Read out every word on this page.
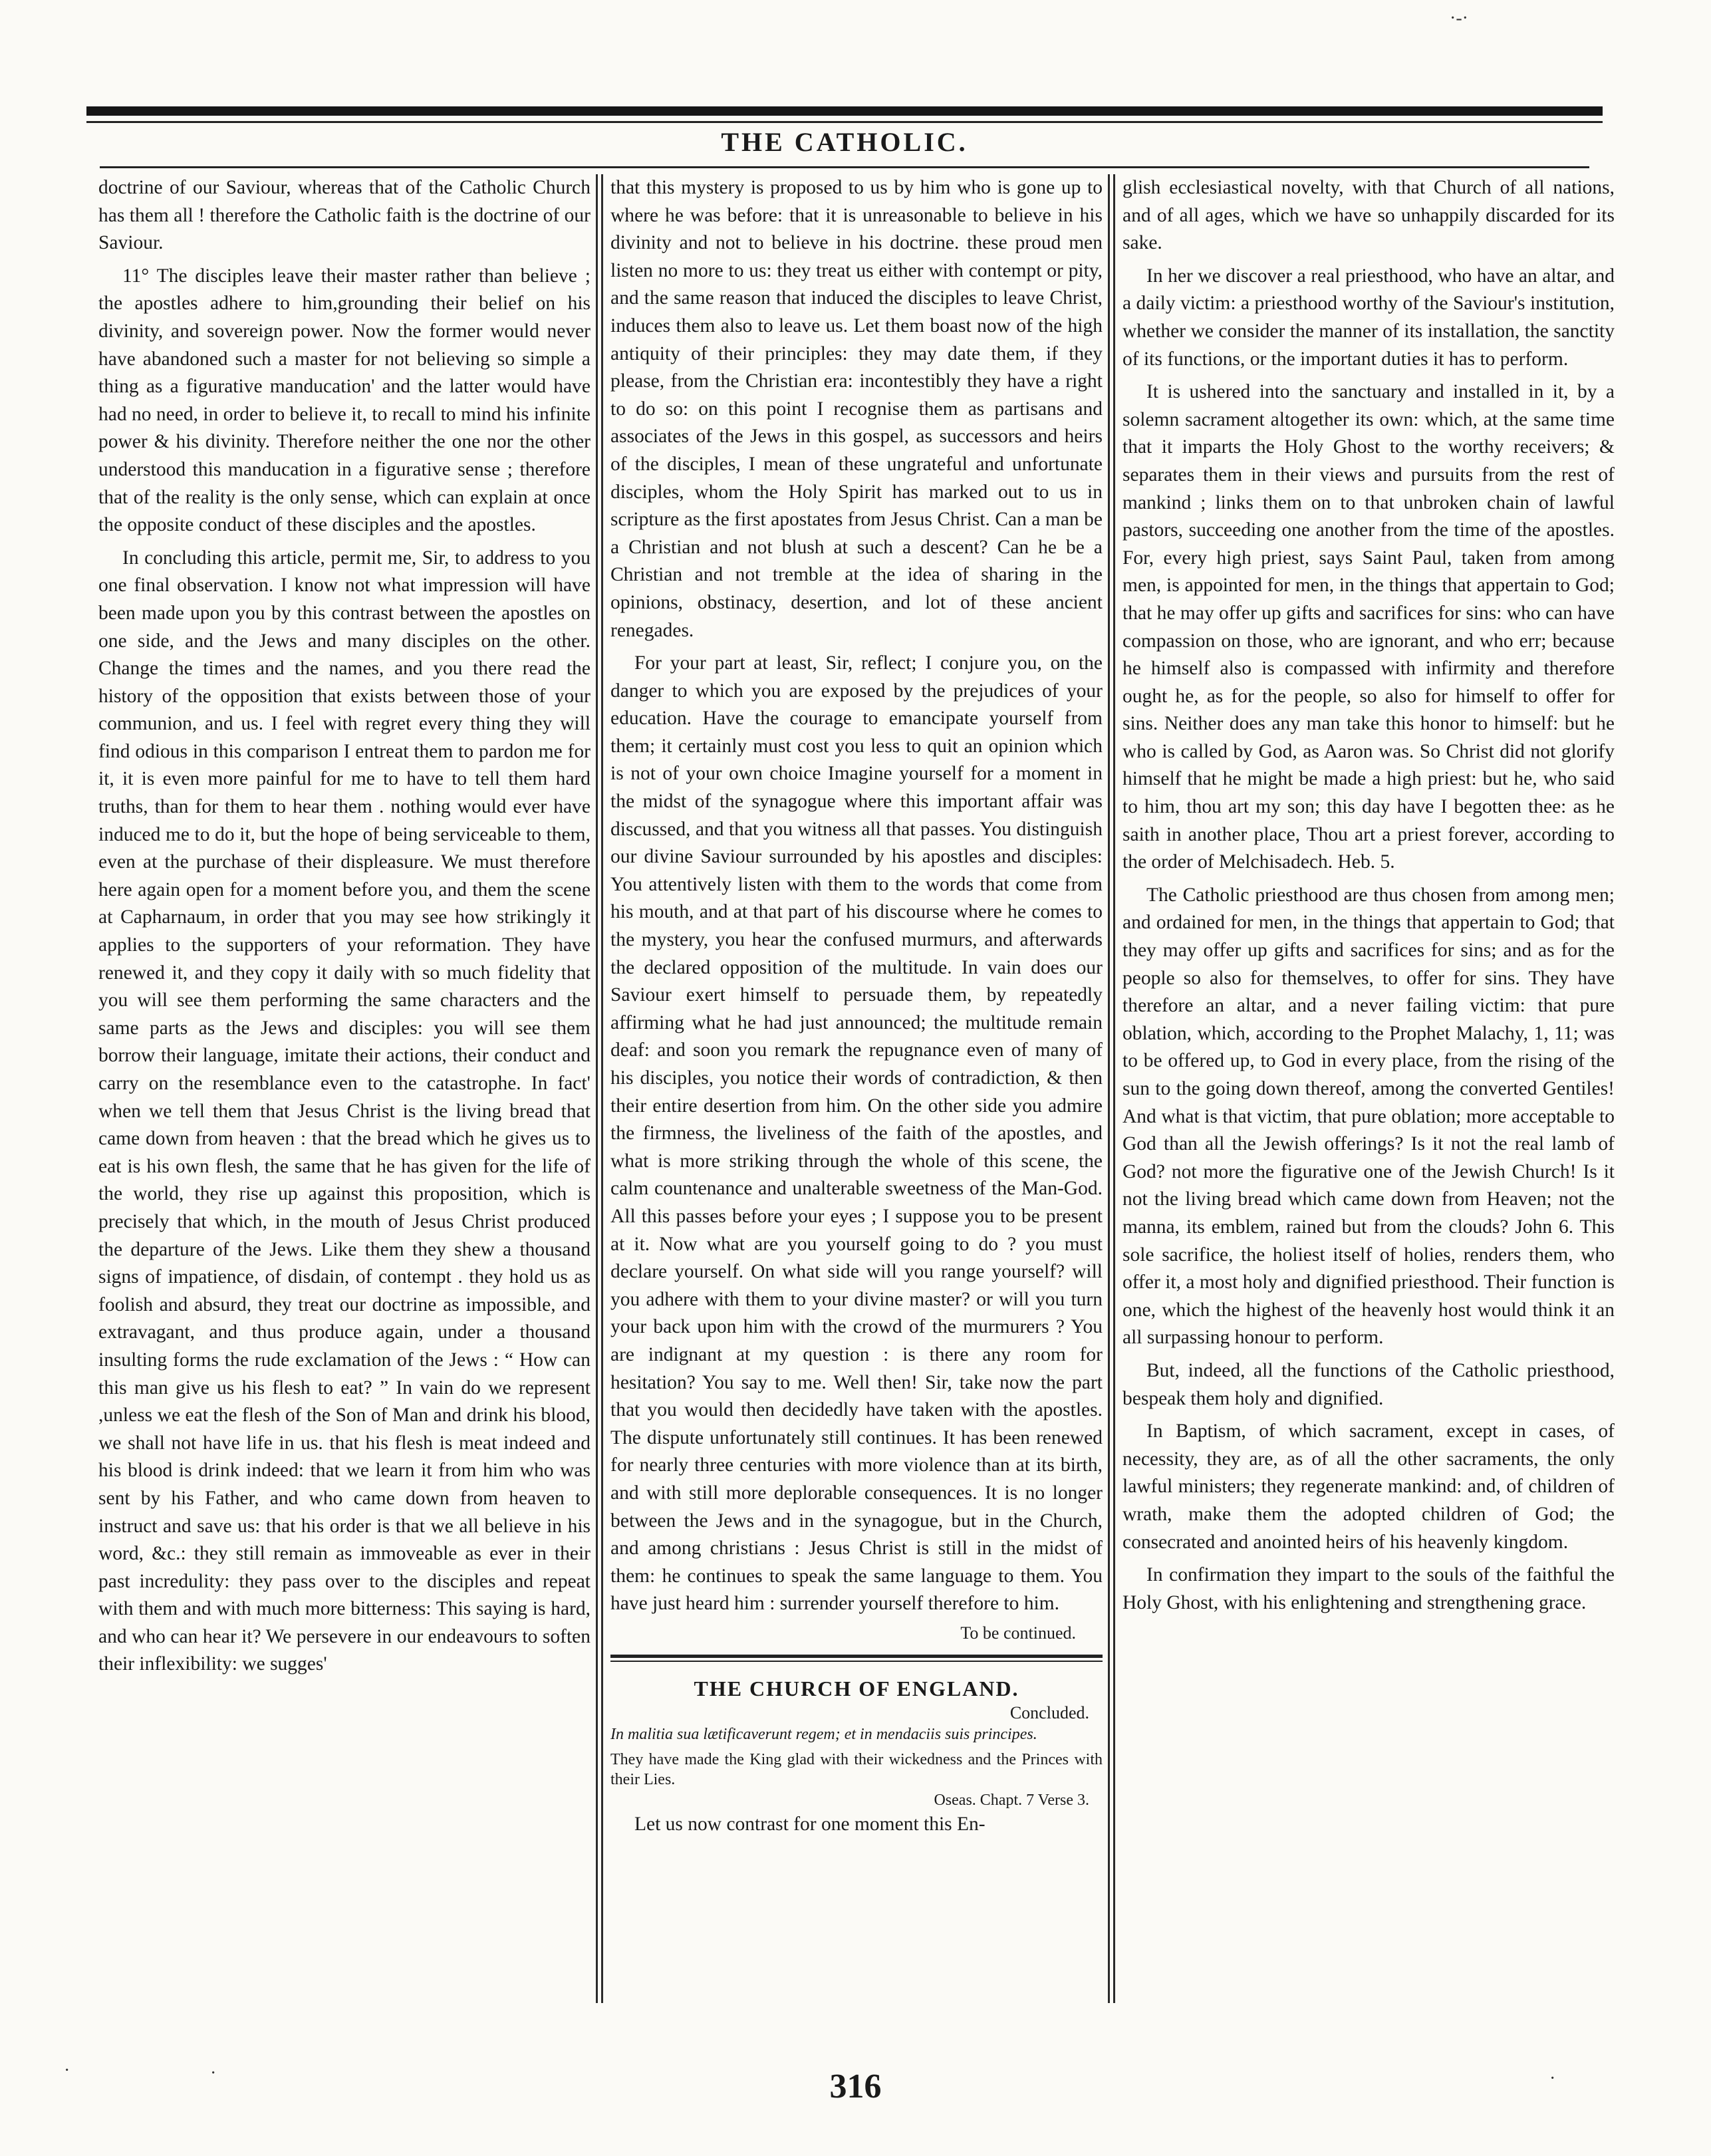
·-·
THE CATHOLIC.

doctrine of our Saviour, whereas that of the Catholic Church has them all ! therefore the Catholic faith is the doctrine of our Saviour.

11° The disciples leave their master rather than believe ; the apostles adhere to him,grounding their belief on his divinity, and sovereign power. Now the former would never have abandoned such a master for not believing so simple a thing as a figurative manducation' and the latter would have had no need, in order to believe it, to recall to mind his infinite power & his divinity. Therefore neither the one nor the other understood this manducation in a figurative sense ; therefore that of the reality is the only sense, which can explain at once the opposite conduct of these disciples and the apostles.

In concluding this article, permit me, Sir, to address to you one final observation. I know not what impression will have been made upon you by this contrast between the apostles on one side, and the Jews and many disciples on the other. Change the times and the names, and you there read the history of the opposition that exists between those of your communion, and us. I feel with regret every thing they will find odious in this comparison I entreat them to pardon me for it, it is even more painful for me to have to tell them hard truths, than for them to hear them . nothing would ever have induced me to do it, but the hope of being serviceable to them, even at the purchase of their displeasure. We must therefore here again open for a moment before you, and them the scene at Capharnaum, in order that you may see how strikingly it applies to the supporters of your reformation. They have renewed it, and they copy it daily with so much fidelity that you will see them performing the same characters and the same parts as the Jews and disciples: you will see them borrow their language, imitate their actions, their conduct and carry on the resemblance even to the catastrophe. In fact' when we tell them that Jesus Christ is the living bread that came down from heaven : that the bread which he gives us to eat is his own flesh, the same that he has given for the life of the world, they rise up against this proposition, which is precisely that which, in the mouth of Jesus Christ produced the departure of the Jews. Like them they shew a thousand signs of impatience, of disdain, of contempt . they hold us as foolish and absurd, they treat our doctrine as impossible, and extravagant, and thus produce again, under a thousand insulting forms the rude exclamation of the Jews : “ How can this man give us his flesh to eat? ” In vain do we represent ,unless we eat the flesh of the Son of Man and drink his blood, we shall not have life in us. that his flesh is meat indeed and his blood is drink indeed: that we learn it from him who was sent by his Father, and who came down from heaven to instruct and save us: that his order is that we all believe in his word, &c.: they still remain as immoveable as ever in their past incredulity: they pass over to the disciples and repeat with them and with much more bitterness: This saying is hard, and who can hear it? We persevere in our endeavours to soften their inflexibility: we sugges'

that this mystery is proposed to us by him who is gone up to where he was before: that it is unreasonable to believe in his divinity and not to believe in his doctrine. these proud men listen no more to us: they treat us either with contempt or pity, and the same reason that induced the disciples to leave Christ, induces them also to leave us. Let them boast now of the high antiquity of their principles: they may date them, if they please, from the Christian era: incontestibly they have a right to do so: on this point I recognise them as partisans and associates of the Jews in this gospel, as successors and heirs of the disciples, I mean of these ungrateful and unfortunate disciples, whom the Holy Spirit has marked out to us in scripture as the first apostates from Jesus Christ. Can a man be a Christian and not blush at such a descent? Can he be a Christian and not tremble at the idea of sharing in the opinions, obstinacy, desertion, and lot of these ancient renegades.

For your part at least, Sir, reflect; I conjure you, on the danger to which you are exposed by the prejudices of your education. Have the courage to emancipate yourself from them; it certainly must cost you less to quit an opinion which is not of your own choice Imagine yourself for a moment in the midst of the synagogue where this important affair was discussed, and that you witness all that passes. You distinguish our divine Saviour surrounded by his apostles and disciples: You attentively listen with them to the words that come from his mouth, and at that part of his discourse where he comes to the mystery, you hear the confused murmurs, and afterwards the declared opposition of the multitude. In vain does our Saviour exert himself to persuade them, by repeatedly affirming what he had just announced; the multitude remain deaf: and soon you remark the repugnance even of many of his disciples, you notice their words of contradiction, & then their entire desertion from him. On the other side you admire the firmness, the liveliness of the faith of the apostles, and what is more striking through the whole of this scene, the calm countenance and unalterable sweetness of the Man-God. All this passes before your eyes ; I suppose you to be present at it. Now what are you yourself going to do ? you must declare yourself. On what side will you range yourself? will you adhere with them to your divine master? or will you turn your back upon him with the crowd of the murmurers ? You are indignant at my question : is there any room for hesitation? You say to me. Well then! Sir, take now the part that you would then decidedly have taken with the apostles. The dispute unfortunately still continues. It has been renewed for nearly three centuries with more violence than at its birth, and with still more deplorable consequences. It is no longer between the Jews and in the synagogue, but in the Church, and among christians : Jesus Christ is still in the midst of them: he continues to speak the same language to them. You have just heard him : surrender yourself therefore to him.

To be continued.
THE CHURCH OF ENGLAND.
Concluded.

In malitia sua lætificaverunt regem; et in mendaciis suis principes.

They have made the King glad with their wickedness and the Princes with their Lies.

Oseas. Chapt. 7 Verse 3.

Let us now contrast for one moment this En-

glish ecclesiastical novelty, with that Church of all nations, and of all ages, which we have so unhappily discarded for its sake.

In her we discover a real priesthood, who have an altar, and a daily victim: a priesthood worthy of the Saviour's institution, whether we consider the manner of its installation, the sanctity of its functions, or the important duties it has to perform.

It is ushered into the sanctuary and installed in it, by a solemn sacrament altogether its own: which, at the same time that it imparts the Holy Ghost to the worthy receivers; & separates them in their views and pursuits from the rest of mankind ; links them on to that unbroken chain of lawful pastors, succeeding one another from the time of the apostles. For, every high priest, says Saint Paul, taken from among men, is appointed for men, in the things that appertain to God; that he may offer up gifts and sacrifices for sins: who can have compassion on those, who are ignorant, and who err; because he himself also is compassed with infirmity and therefore ought he, as for the people, so also for himself to offer for sins. Neither does any man take this honor to himself: but he who is called by God, as Aaron was. So Christ did not glorify himself that he might be made a high priest: but he, who said to him, thou art my son; this day have I begotten thee: as he saith in another place, Thou art a priest forever, according to the order of Melchisadech. Heb. 5.

The Catholic priesthood are thus chosen from among men; and ordained for men, in the things that appertain to God; that they may offer up gifts and sacrifices for sins; and as for the people so also for themselves, to offer for sins. They have therefore an altar, and a never failing victim: that pure oblation, which, according to the Prophet Malachy, 1, 11; was to be offered up, to God in every place, from the rising of the sun to the going down thereof, among the converted Gentiles! And what is that victim, that pure oblation; more acceptable to God than all the Jewish offerings? Is it not the real lamb of God? not more the figurative one of the Jewish Church! Is it not the living bread which came down from Heaven; not the manna, its emblem, rained but from the clouds? John 6. This sole sacrifice, the holiest itself of holies, renders them, who offer it, a most holy and dignified priesthood. Their function is one, which the highest of the heavenly host would think it an all surpassing honour to perform.

But, indeed, all the functions of the Catholic priesthood, bespeak them holy and dignified.

In Baptism, of which sacrament, except in cases, of necessity, they are, as of all the other sacraments, the only lawful ministers; they regenerate mankind: and, of children of wrath, make them the adopted children of God; the consecrated and anointed heirs of his heavenly kingdom.

In confirmation they impart to the souls of the faithful the Holy Ghost, with his enlightening and strengthening grace.

316
·	·	·
